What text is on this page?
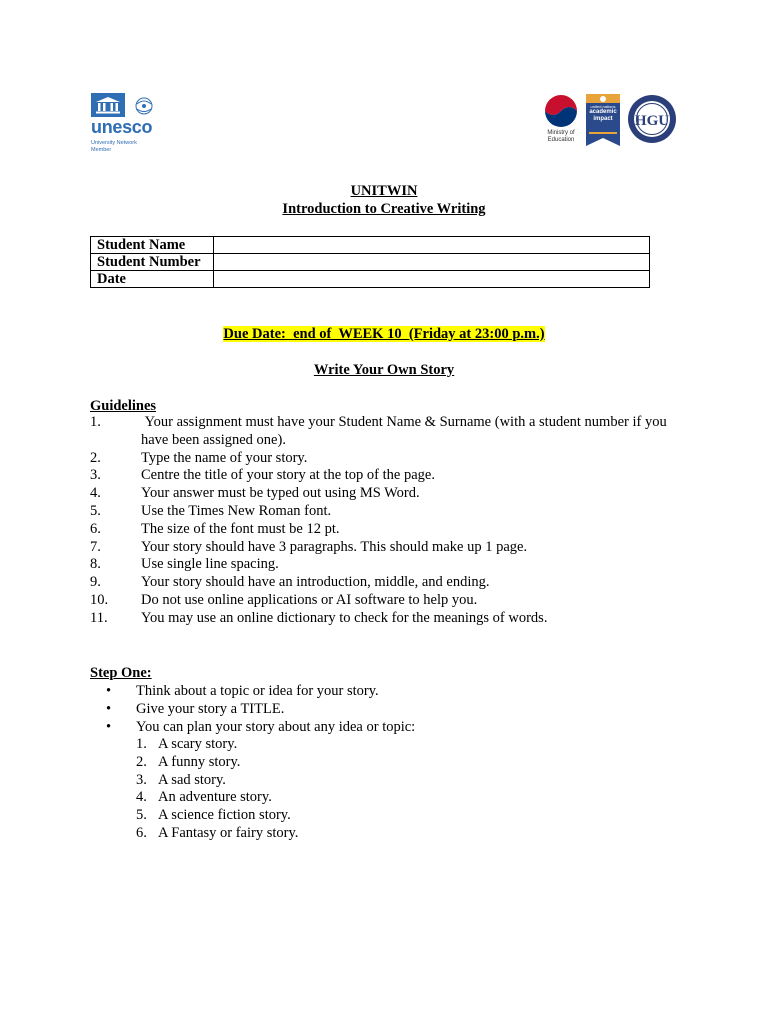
unesco
University Network
Member
Ministry of
Education
united nations
academic
impact	HGU
UNITWIN
Introduction to Creative Writing
Student Name	
Student Number	
Date	
Due Date:  end of  WEEK 10  (Friday at 23:00 p.m.)
Write Your Own Story
Guidelines
1.	Your assignment must have your Student Name & Surname (with a student number if you have been assigned one).
2.	Type the name of your story.
3.	Centre the title of your story at the top of the page.
4.	Your answer must be typed out using MS Word.
5.	Use the Times New Roman font.
6.	The size of the font must be 12 pt.
7.	Your story should have 3 paragraphs. This should make up 1 page.
8.	Use single line spacing.
9.	Your story should have an introduction, middle, and ending.
10. Do not use online applications or AI software to help you.
11. You may use an online dictionary to check for the meanings of words.
Step One:
• Think about a topic or idea for your story.
• Give your story a TITLE.
• You can plan your story about any idea or topic:
1. A scary story.
2. A funny story.
3. A sad story.
4. An adventure story.
5. A science fiction story.
6. A Fantasy or fairy story.
